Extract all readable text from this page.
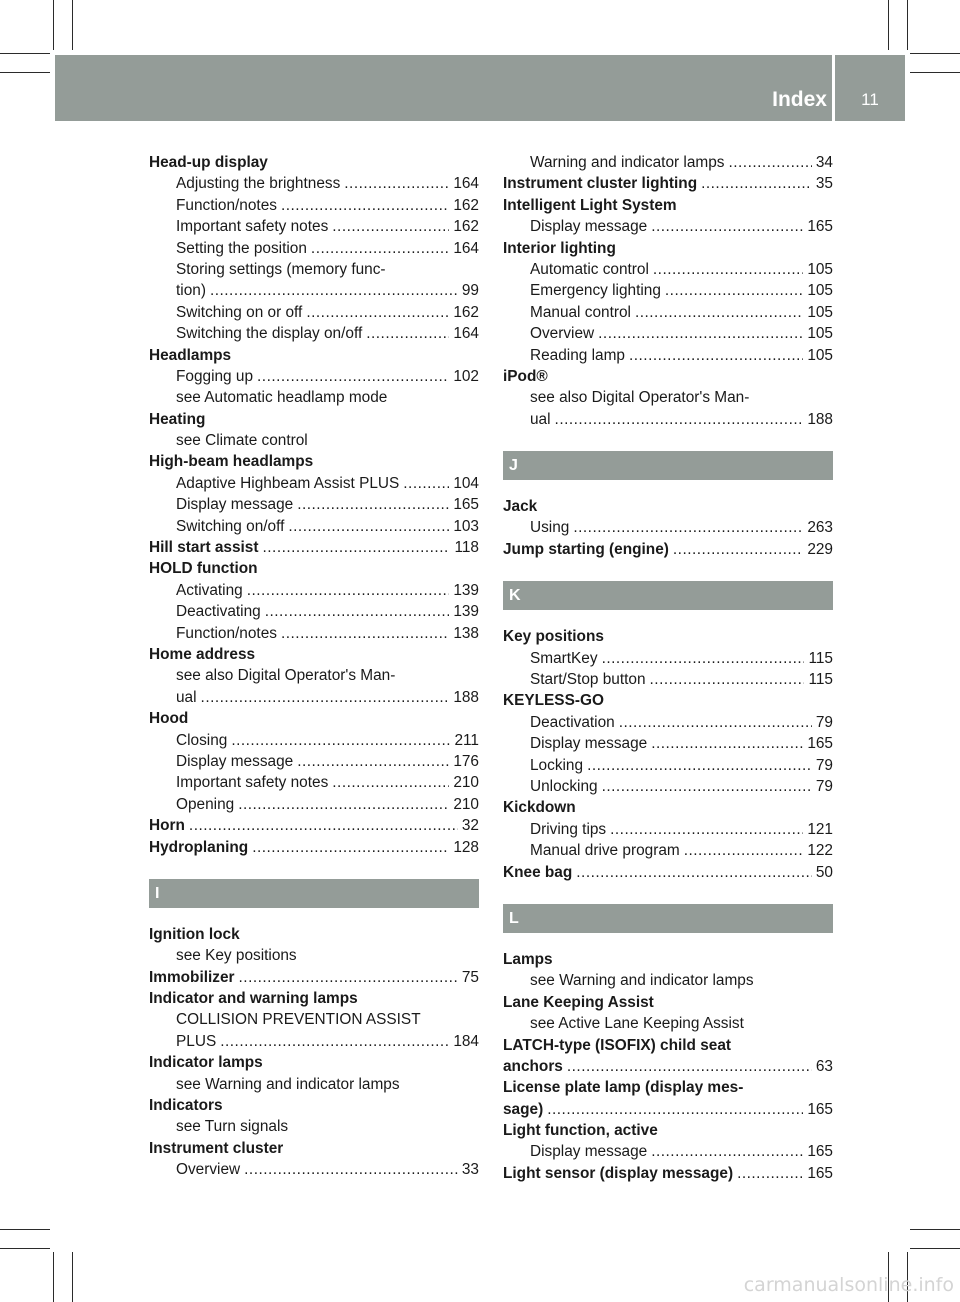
Index	11
Head-up display
Adjusting the brightness .....	164
Function/notes .....	162
Important safety notes .....	162
Setting the position .....	164
Storing settings (memory func-
tion) .....	99
Switching on or off .....	162
Switching the display on/off .....	164
Headlamps
Fogging up .....	102
see Automatic headlamp mode
Heating
see Climate control
High-beam headlamps
Adaptive Highbeam Assist PLUS .....	104
Display message .....	165
Switching on/off .....	103
Hill start assist .....	118
HOLD function
Activating .....	139
Deactivating .....	139
Function/notes .....	138
Home address
see also Digital Operator's Man-
ual .....	188
Hood
Closing .....	211
Display message .....	176
Important safety notes .....	210
Opening .....	210
Horn .....	32
Hydroplaning .....	128
I
Ignition lock
see Key positions
Immobilizer .....	75
Indicator and warning lamps
COLLISION PREVENTION ASSIST
PLUS .....	184
Indicator lamps
see Warning and indicator lamps
Indicators
see Turn signals
Instrument cluster
Overview .....	33
Warning and indicator lamps .....	34
Instrument cluster lighting .....	35
Intelligent Light System
Display message .....	165
Interior lighting
Automatic control .....	105
Emergency lighting .....	105
Manual control .....	105
Overview .....	105
Reading lamp .....	105
iPod®
see also Digital Operator's Man-
ual .....	188
J
Jack
Using .....	263
Jump starting (engine) .....	229
K
Key positions
SmartKey .....	115
Start/Stop button .....	115
KEYLESS-GO
Deactivation .....	79
Display message .....	165
Locking .....	79
Unlocking .....	79
Kickdown
Driving tips .....	121
Manual drive program .....	122
Knee bag .....	50
L
Lamps
see Warning and indicator lamps
Lane Keeping Assist
see Active Lane Keeping Assist
LATCH-type (ISOFIX) child seat
anchors .....	63
License plate lamp (display mes-
sage) .....	165
Light function, active
Display message .....	165
Light sensor (display message) .....	165
carmanualsonline.info
